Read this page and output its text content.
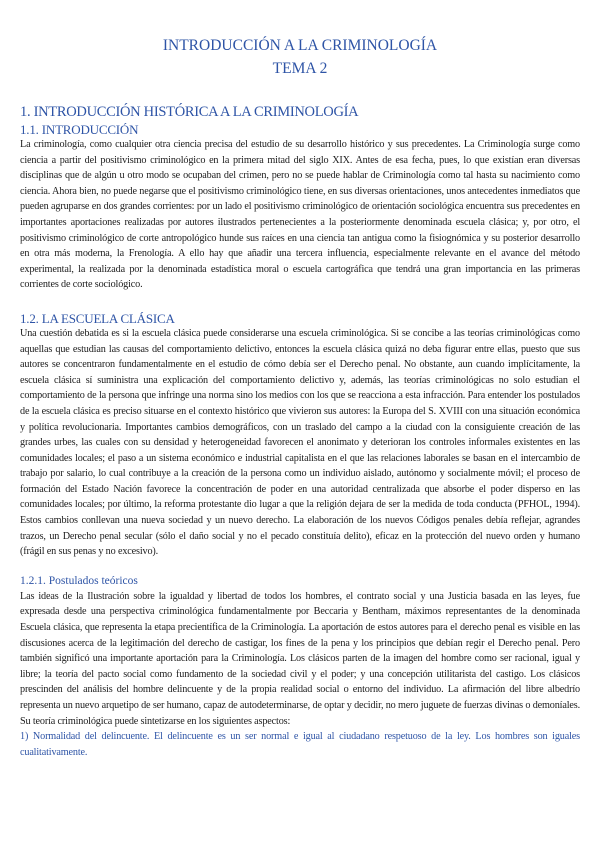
INTRODUCCIÓN A LA CRIMINOLOGÍA

TEMA 2

1. INTRODUCCIÓN HISTÓRICA A LA CRIMINOLOGÍA

1.1. INTRODUCCIÓN

La criminología, como cualquier otra ciencia precisa del estudio de su desarrollo histórico y sus precedentes. La Criminología surge como ciencia a partir del positivismo criminológico en la primera mitad del siglo XIX. Antes de esa fecha, pues, lo que existían eran diversas disciplinas que de algún u otro modo se ocupaban del crimen, pero no se puede hablar de Criminología como tal hasta su nacimiento como ciencia. Ahora bien, no puede negarse que el positivismo criminológico tiene, en sus diversas orientaciones, unos antecedentes inmediatos que pueden agruparse en dos grandes corrientes: por un lado el positivismo criminológico de orientación sociológica encuentra sus precedentes en importantes aportaciones realizadas por autores ilustrados pertenecientes a la posteriormente denominada escuela clásica; y, por otro, el positivismo criminológico de corte antropológico hunde sus raíces en una ciencia tan antigua como la fisiognómica y su posterior desarrollo en otra más moderna, la Frenología. A ello hay que añadir una tercera influencia, especialmente relevante en el avance del método experimental, la realizada por la denominada estadística moral o escuela cartográfica que tendrá una gran importancia en las primeras corrientes de corte sociológico.

1.2. LA ESCUELA CLÁSICA

Una cuestión debatida es si la escuela clásica puede considerarse una escuela criminológica. Si se concibe a las teorías criminológicas como aquellas que estudian las causas del comportamiento delictivo, entonces la escuela clásica quizá no deba figurar entre ellas, puesto que sus autores se concentraron fundamentalmente en el estudio de cómo debía ser el Derecho penal. No obstante, aun cuando implícitamente, la escuela clásica sí suministra una explicación del comportamiento delictivo y, además, las teorías criminológicas no solo estudian el comportamiento de la persona que infringe una norma sino los medios con los que se reacciona a esta infracción. Para entender los postulados de la escuela clásica es preciso situarse en el contexto histórico que vivieron sus autores: la Europa del S. XVIII con una situación económica y política revolucionaria. Importantes cambios demográficos, con un traslado del campo a la ciudad con la consiguiente creación de las grandes urbes, las cuales con su densidad y heterogeneidad favorecen el anonimato y deterioran los controles informales existentes en las comunidades locales; el paso a un sistema económico e industrial capitalista en el que las relaciones laborales se basan en el intercambio de trabajo por salario, lo cual contribuye a la creación de la persona como un individuo aislado, autónomo y socialmente móvil; el proceso de formación del Estado Nación favorece la concentración de poder en una autoridad centralizada que absorbe el poder disperso en las comunidades locales; por último, la reforma protestante dio lugar a que la religión dejara de ser la medida de toda conducta (PFHOL, 1994). Estos cambios conllevan una nueva sociedad y un nuevo derecho. La elaboración de los nuevos Códigos penales debía reflejar, agrandes trazos, un Derecho penal secular (sólo el daño social y no el pecado constituía delito), eficaz en la protección del nuevo orden y humano (frágil en sus penas y no excesivo).

1.2.1. Postulados teóricos

Las ideas de la Ilustración sobre la igualdad y libertad de todos los hombres, el contrato social y una Justicia basada en las leyes, fue expresada desde una perspectiva criminológica fundamentalmente por Beccaria y Bentham, máximos representantes de la denominada Escuela clásica, que representa la etapa precientífica de la Criminología. La aportación de estos autores para el derecho penal es visible en las discusiones acerca de la legitimación del derecho de castigar, los fines de la pena y los principios que debían regir el Derecho penal. Pero también significó una importante aportación para la Criminología. Los clásicos parten de la imagen del hombre como ser racional, igual y libre; la teoría del pacto social como fundamento de la sociedad civil y el poder; y una concepción utilitarista del castigo. Los clásicos prescinden del análisis del hombre delincuente y de la propia realidad social o entorno del individuo. La afirmación del libre albedrío representa un nuevo arquetipo de ser humano, capaz de autodeterminarse, de optar y decidir, no mero juguete de fuerzas divinas o demoníales. Su teoría criminológica puede sintetizarse en los siguientes aspectos:

1) Normalidad del delincuente. El delincuente es un ser normal e igual al ciudadano respetuoso de la ley. Los hombres son iguales cualitativamente.
